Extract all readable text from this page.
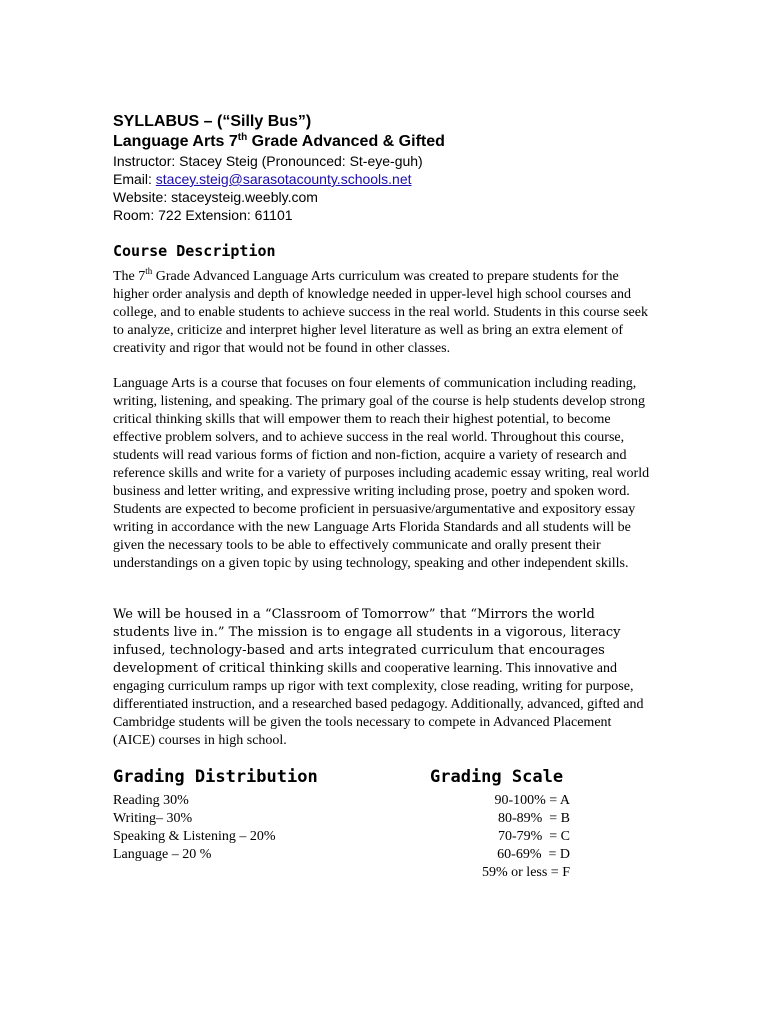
SYLLABUS – (“Silly Bus”)

Language Arts 7th Grade Advanced & Gifted

Instructor: Stacey Steig (Pronounced: St-eye-guh)

Email: stacey.steig@sarasotacounty.schools.net

Website: staceysteig.weebly.com

Room: 722 Extension: 61101

Course Description

The 7th Grade Advanced Language Arts curriculum was created to prepare students for the higher order analysis and depth of knowledge needed in upper-level high school courses and college, and to enable students to achieve success in the real world. Students in this course seek to analyze, criticize and interpret higher level literature as well as bring an extra element of creativity and rigor that would not be found in other classes.

Language Arts is a course that focuses on four elements of communication including reading, writing, listening, and speaking. The primary goal of the course is help students develop strong critical thinking skills that will empower them to reach their highest potential, to become effective problem solvers, and to achieve success in the real world. Throughout this course, students will read various forms of fiction and non-fiction, acquire a variety of research and reference skills and write for a variety of purposes including academic essay writing, real world business and letter writing, and expressive writing including prose, poetry and spoken word. Students are expected to become proficient in persuasive/argumentative and expository essay writing in accordance with the new Language Arts Florida Standards and all students will be given the necessary tools to be able to effectively communicate and orally present their understandings on a given topic by using technology, speaking and other independent skills.

We will be housed in a “Classroom of Tomorrow” that “Mirrors the world students live in.” The mission is to engage all students in a vigorous, literacy infused, technology-based and arts integrated curriculum that encourages development of critical thinking skills and cooperative learning. This innovative and engaging curriculum ramps up rigor with text complexity, close reading, writing for purpose, differentiated instruction, and a researched based pedagogy. Additionally, advanced, gifted and Cambridge students will be given the tools necessary to compete in Advanced Placement (AICE) courses in high school.

Grading Distribution	Grading Scale
Reading 30%
Writing– 30%
Speaking & Listening – 20%
Language – 20 %
90-100% = A
80-89%  = B
70-79%  = C
60-69%  = D
59% or less = F
